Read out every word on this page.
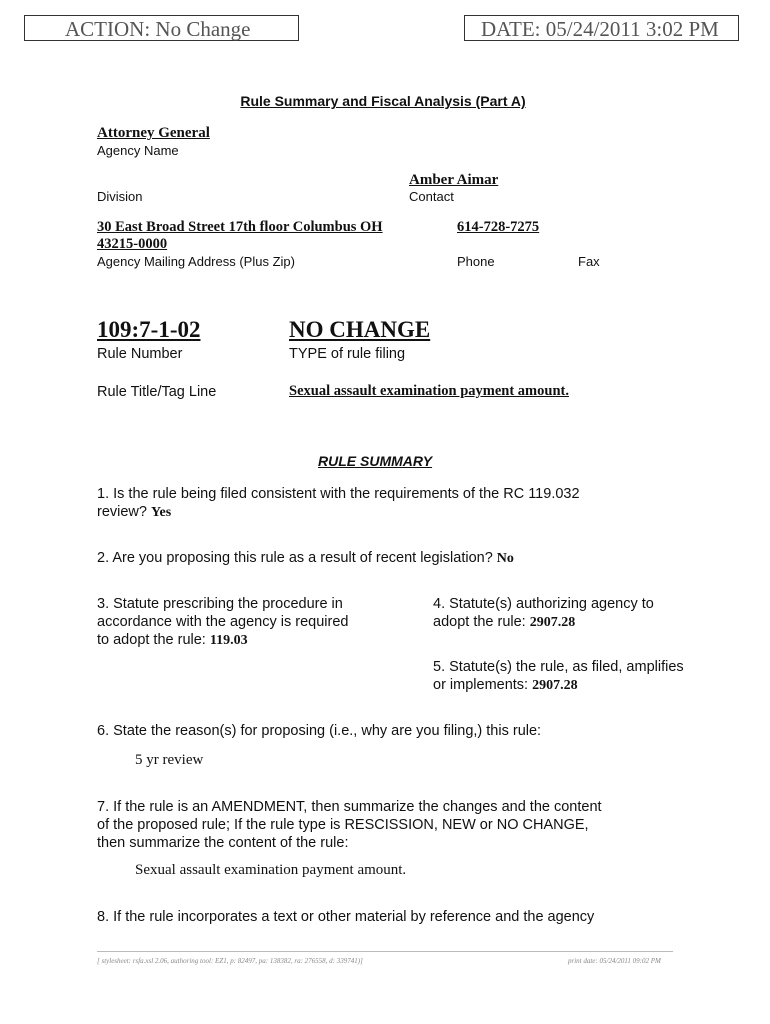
ACTION: No Change	DATE: 05/24/2011 3:02 PM
Rule Summary and Fiscal Analysis (Part A)
Attorney General
Agency Name
Amber Aimar
Division	Contact
30 East Broad Street 17th floor Columbus OH
43215-0000
614-728-7275
Agency Mailing Address (Plus Zip)	Phone	Fax
109:7-1-02	NO CHANGE
Rule Number	TYPE of rule filing
Rule Title/Tag Line	Sexual assault examination payment amount.
RULE SUMMARY
1. Is the rule being filed consistent with the requirements of the RC 119.032
review? Yes
2. Are you proposing this rule as a result of recent legislation? No
3. Statute prescribing the procedure in
accordance with the agency is required
to adopt the rule: 119.03
4. Statute(s) authorizing agency to
adopt the rule: 2907.28
5. Statute(s) the rule, as filed, amplifies
or implements: 2907.28
6. State the reason(s) for proposing (i.e., why are you filing,) this rule:
5 yr review
7. If the rule is an AMENDMENT, then summarize the changes and the content
of the proposed rule; If the rule type is RESCISSION, NEW or NO CHANGE,
then summarize the content of the rule:
Sexual assault examination payment amount.
8. If the rule incorporates a text or other material by reference and the agency
[ stylesheet: rsfa.xsl 2.06, authoring tool: EZ1, p: 82497, pa: 138382, ra: 276558, d: 339741)]	print date: 05/24/2011 09:02 PM
